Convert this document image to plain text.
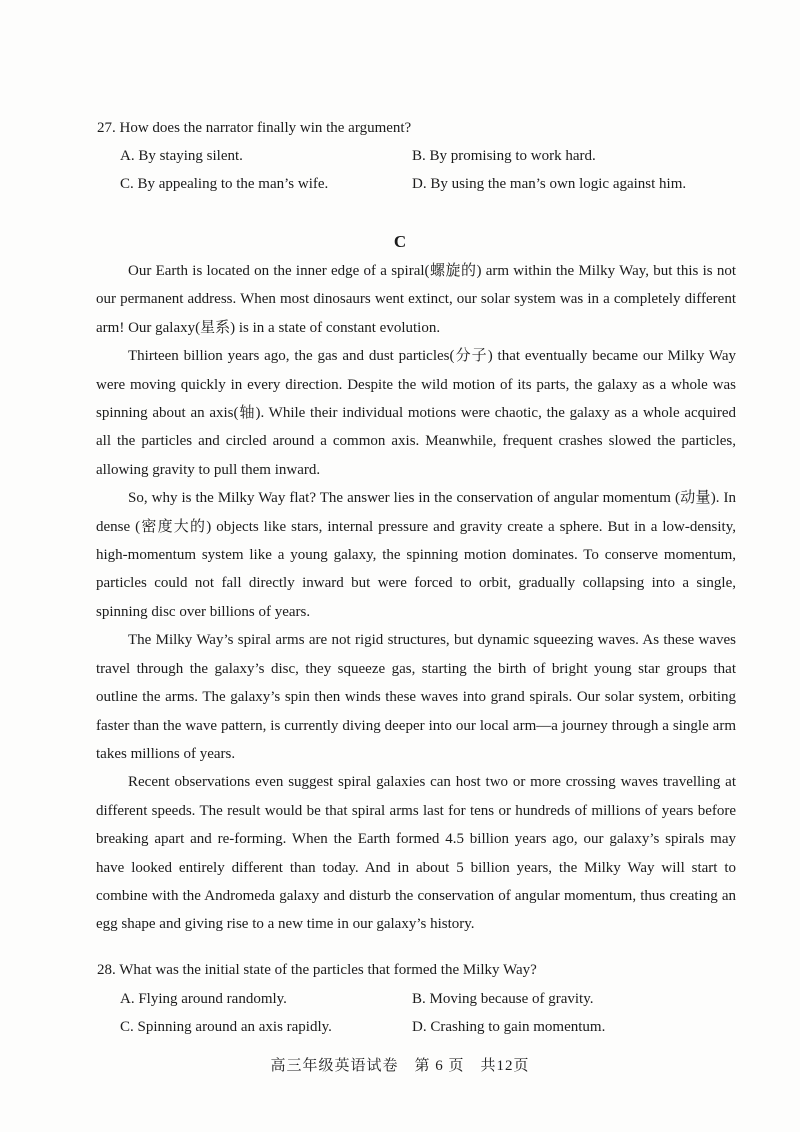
27. How does the narrator finally win the argument?
A. By staying silent.	B. By promising to work hard.
C. By appealing to the man’s wife.	D. By using the man’s own logic against him.
C

Our Earth is located on the inner edge of a spiral(螺旋的) arm within the Milky Way, but this is not our permanent address. When most dinosaurs went extinct, our solar system was in a completely different arm! Our galaxy(星系) is in a state of constant evolution.

Thirteen billion years ago, the gas and dust particles(分子) that eventually became our Milky Way were moving quickly in every direction. Despite the wild motion of its parts, the galaxy as a whole was spinning about an axis(轴). While their individual motions were chaotic, the galaxy as a whole acquired all the particles and circled around a common axis. Meanwhile, frequent crashes slowed the particles, allowing gravity to pull them inward.

So, why is the Milky Way flat? The answer lies in the conservation of angular momentum (动量). In dense (密度大的) objects like stars, internal pressure and gravity create a sphere. But in a low-density, high-momentum system like a young galaxy, the spinning motion dominates. To conserve momentum, particles could not fall directly inward but were forced to orbit, gradually collapsing into a single, spinning disc over billions of years.

The Milky Way’s spiral arms are not rigid structures, but dynamic squeezing waves. As these waves travel through the galaxy’s disc, they squeeze gas, starting the birth of bright young star groups that outline the arms. The galaxy’s spin then winds these waves into grand spirals. Our solar system, orbiting faster than the wave pattern, is currently diving deeper into our local arm—a journey through a single arm takes millions of years.

Recent observations even suggest spiral galaxies can host two or more crossing waves travelling at different speeds. The result would be that spiral arms last for tens or hundreds of millions of years before breaking apart and re-forming. When the Earth formed 4.5 billion years ago, our galaxy’s spirals may have looked entirely different than today. And in about 5 billion years, the Milky Way will start to combine with the Andromeda galaxy and disturb the conservation of angular momentum, thus creating an egg shape and giving rise to a new time in our galaxy’s history.

28. What was the initial state of the particles that formed the Milky Way?
A. Flying around randomly.	B. Moving because of gravity.
C. Spinning around an axis rapidly.	D. Crashing to gain momentum.
高三年级英语试卷　第 6 页　共12页
